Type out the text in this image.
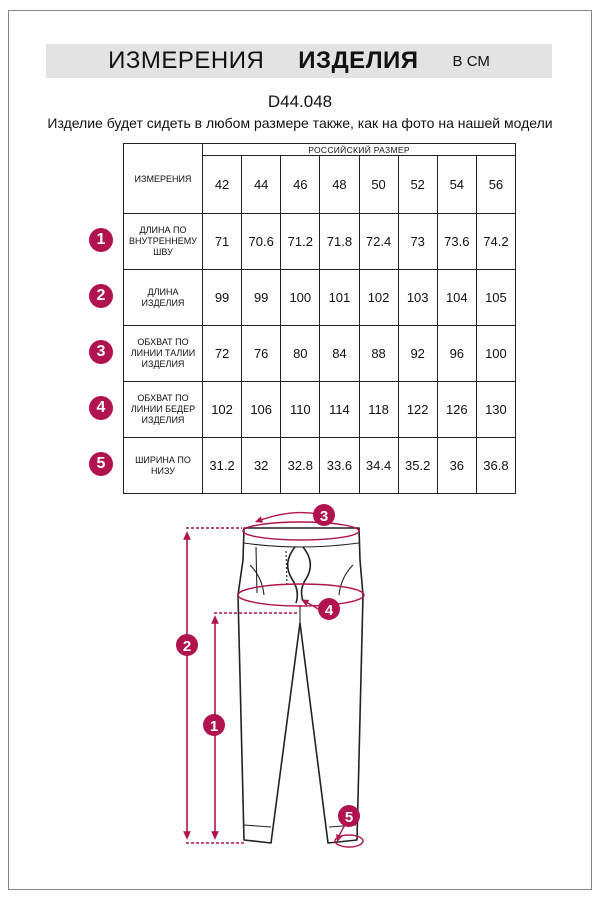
ИЗМЕРЕНИЯ ИЗДЕЛИЯ В СМ
D44.048
Изделие будет сидеть в любом размере также, как на фото на нашей модели
ИЗМЕРЕНИЯ	РОССИЙСКИЙ РАЗМЕР							
	42	44	46	48	50	52	54	56
ДЛИНА ПО ВНУТРЕННЕМУ ШВУ	71	70.6	71.2	71.8	72.4	73	73.6	74.2
ДЛИНА ИЗДЕЛИЯ	99	99	100	101	102	103	104	105
ОБХВАТ ПО ЛИНИИ ТАЛИИ ИЗДЕЛИЯ	72	76	80	84	88	92	96	100
ОБХВАТ ПО ЛИНИИ БЕДЕР ИЗДЕЛИЯ	102	106	110	114	118	122	126	130
ШИРИНА ПО НИЗУ	31.2	32	32.8	33.6	34.4	35.2	36	36.8
1
2
3
4
5
3
4
2
1
5
